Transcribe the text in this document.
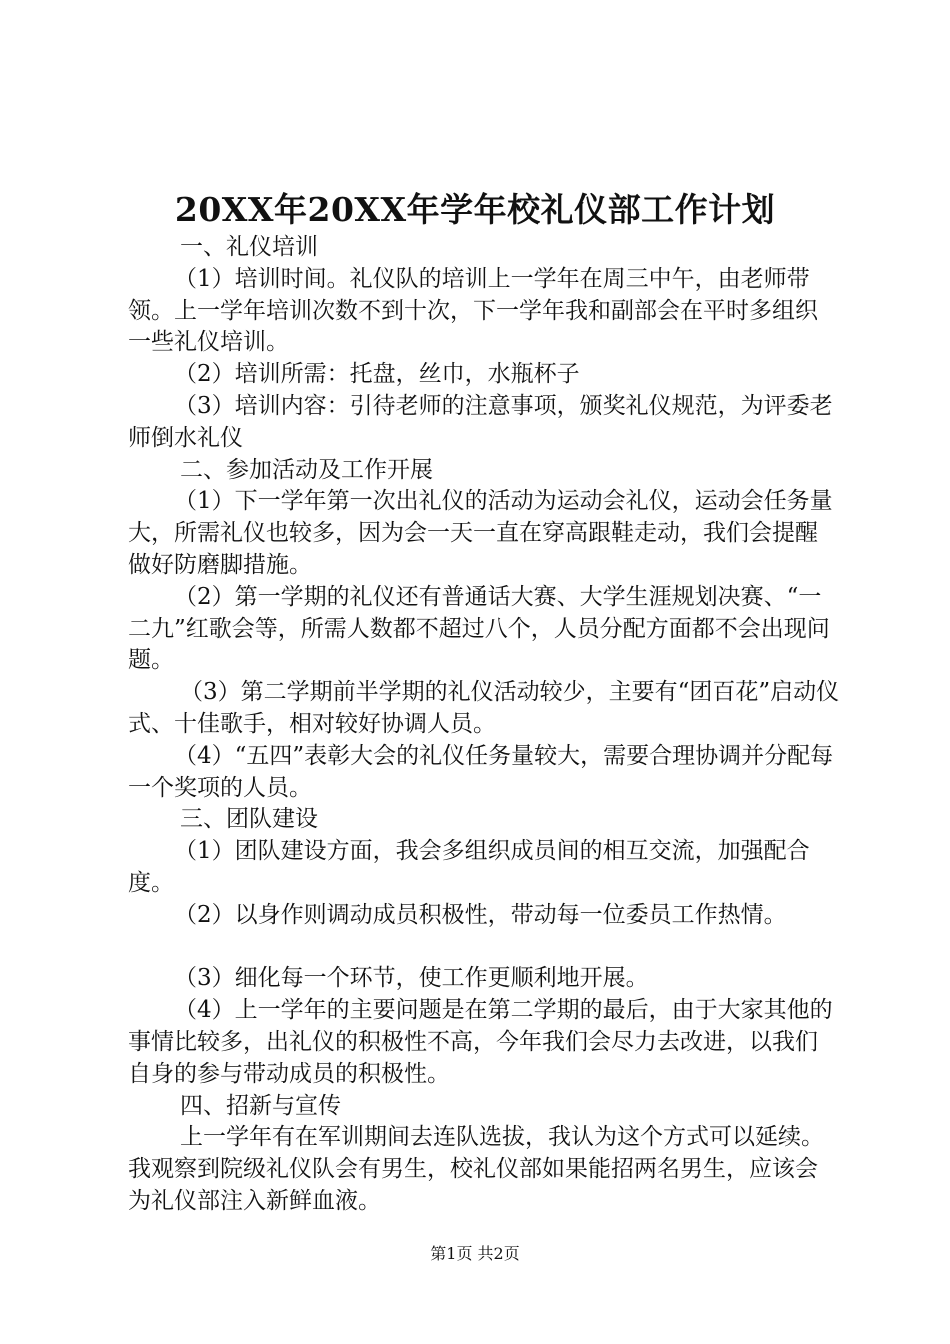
20XX年20XX年学年校礼仪部工作计划

一、礼仪培训

（1）培训时间。礼仪队的培训上一学年在周三中午，由老师带领。上一学年培训次数不到十次，下一学年我和副部会在平时多组织一些礼仪培训。

（2）培训所需：托盘，丝巾，水瓶杯子

（3）培训内容：引待老师的注意事项，颁奖礼仪规范，为评委老师倒水礼仪

二、参加活动及工作开展

（1）下一学年第一次出礼仪的活动为运动会礼仪，运动会任务量大，所需礼仪也较多，因为会一天一直在穿高跟鞋走动，我们会提醒做好防磨脚措施。

（2）第一学期的礼仪还有普通话大赛、大学生涯规划决赛、“一二九”红歌会等，所需人数都不超过八个，人员分配方面都不会出现问题。

（3）第二学期前半学期的礼仪活动较少，主要有“团百花”启动仪式、十佳歌手，相对较好协调人员。

（4）“五四”表彰大会的礼仪任务量较大，需要合理协调并分配每一个奖项的人员。

三、团队建设

（1）团队建设方面，我会多组织成员间的相互交流，加强配合度。

（2）以身作则调动成员积极性，带动每一位委员工作热情。

（3）细化每一个环节，使工作更顺利地开展。

（4）上一学年的主要问题是在第二学期的最后，由于大家其他的事情比较多，出礼仪的积极性不高，今年我们会尽力去改进，以我们自身的参与带动成员的积极性。

四、招新与宣传

上一学年有在军训期间去连队选拔，我认为这个方式可以延续。我观察到院级礼仪队会有男生，校礼仪部如果能招两名男生，应该会为礼仪部注入新鲜血液。

第1页 共2页
